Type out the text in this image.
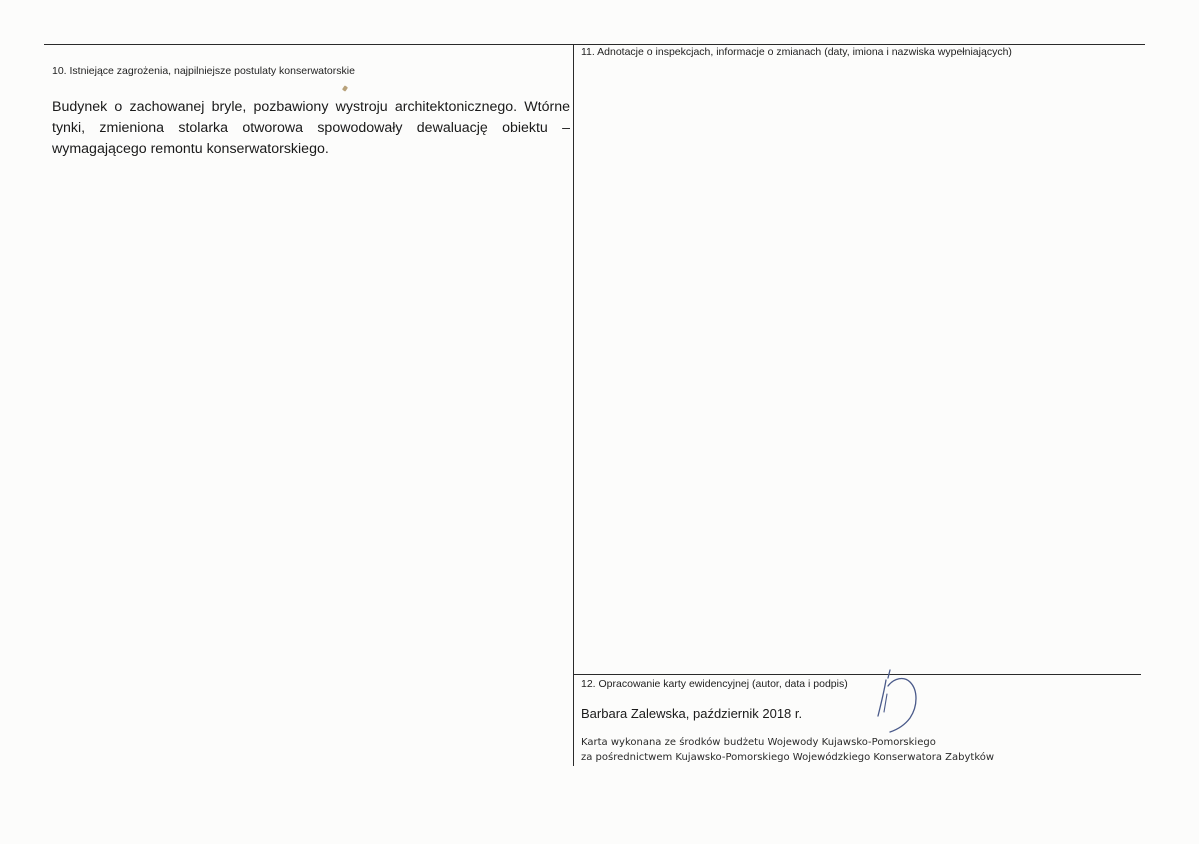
10. Istniejące zagrożenia, najpilniejsze postulaty konserwatorskie
Budynek o zachowanej bryle, pozbawiony wystroju architektonicznego. Wtórne tynki, zmieniona stolarka otworowa spowodowały dewaluację obiektu – wymagającego remontu konserwatorskiego.
11. Adnotacje o inspekcjach, informacje o zmianach (daty, imiona i nazwiska wypełniających)
12. Opracowanie karty ewidencyjnej (autor, data i podpis)
Barbara Zalewska, październik 2018 r.
Karta wykonana ze środków budżetu Wojewody Kujawsko-Pomorskiego
za pośrednictwem Kujawsko-Pomorskiego Wojewódzkiego Konserwatora Zabytków
